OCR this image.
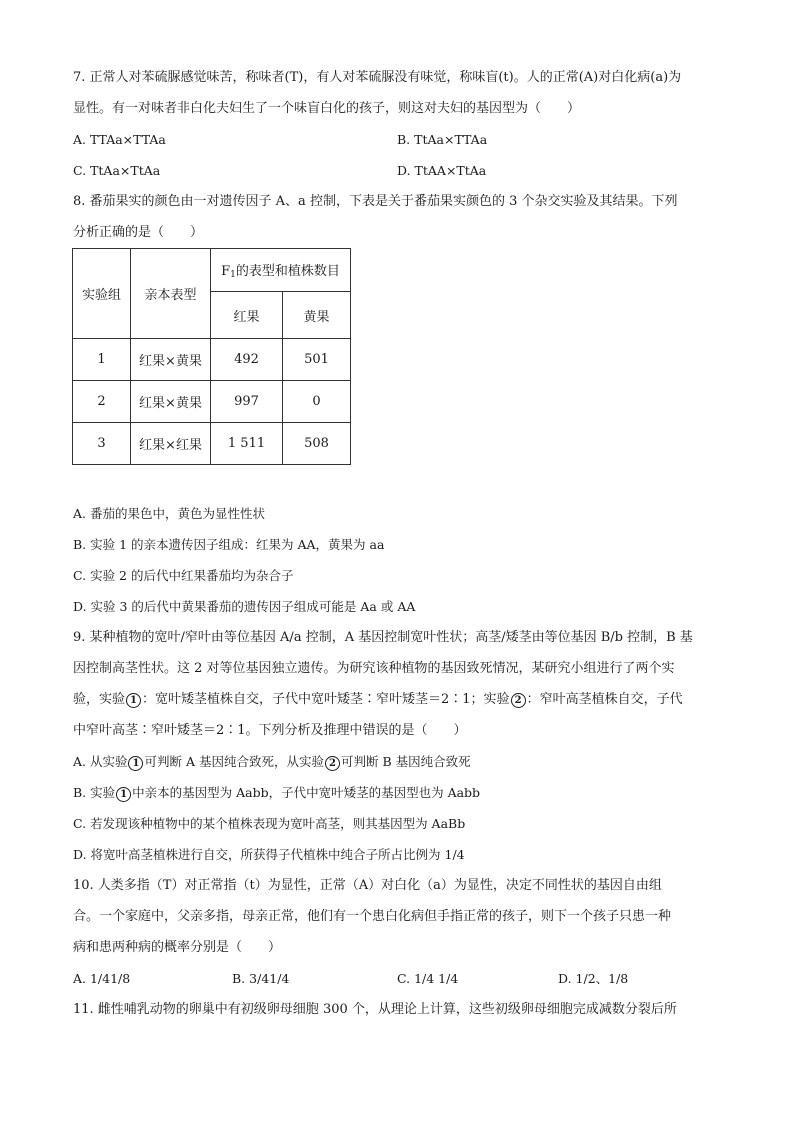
7. 正常人对苯硫脲感觉味苦，称味者(T)，有人对苯硫脲没有味觉，称味盲(t)。人的正常(A)对白化病(a)为
显性。有一对味者非白化夫妇生了一个味盲白化的孩子，则这对夫妇的基因型为（　　）
A. TTAa×TTAa	B. TtAa×TTAa
C. TtAa×TtAa	D. TtAA×TtAa
8. 番茄果实的颜色由一对遗传因子 A、a 控制，下表是关于番茄果实颜色的 3 个杂交实验及其结果。下列
分析正确的是（　　）
实验组	亲本表型	$F_1$的表型和植株数目	
		红果	黄果
1	红果×黄果	492	501
2	红果×黄果	997	0
3	红果×红果	1 511	508
A. 番茄的果色中，黄色为显性性状
B. 实验 1 的亲本遗传因子组成：红果为 AA，黄果为 aa
C. 实验 2 的后代中红果番茄均为杂合子
D. 实验 3 的后代中黄果番茄的遗传因子组成可能是 Aa 或 AA
9. 某种植物的宽叶/窄叶由等位基因 A/a 控制，A 基因控制宽叶性状；高茎/矮茎由等位基因 B/b 控制，B 基
因控制高茎性状。这 2 对等位基因独立遗传。为研究该种植物的基因致死情况，某研究小组进行了两个实
验，实验 1 ：宽叶矮茎植株自交，子代中宽叶矮茎∶窄叶矮茎＝2∶1；实验 2 ：窄叶高茎植株自交，子代
中窄叶高茎∶窄叶矮茎＝2∶1。下列分析及推理中错误的是（　　）
A. 从实验 1 可判断 A 基因纯合致死，从实验 2 可判断 B 基因纯合致死
B. 实验 1 中亲本的基因型为 Aabb，子代中宽叶矮茎的基因型也为 Aabb
C. 若发现该种植物中的某个植株表现为宽叶高茎，则其基因型为 AaBb
D. 将宽叶高茎植株进行自交，所获得子代植株中纯合子所占比例为 1/4
10. 人类多指（T）对正常指（t）为显性，正常（A）对白化（a）为显性，决定不同性状的基因自由组
合。一个家庭中，父亲多指，母亲正常，他们有一个患白化病但手指正常的孩子，则下一个孩子只患一种
病和患两种病的概率分别是（　　）
A. 1/41/8	B. 3/41/4	C. 1/4 1/4	D. 1/2、1/8
11. 雌性哺乳动物的卵巢中有初级卵母细胞 300 个，从理论上计算，这些初级卵母细胞完成减数分裂后所
